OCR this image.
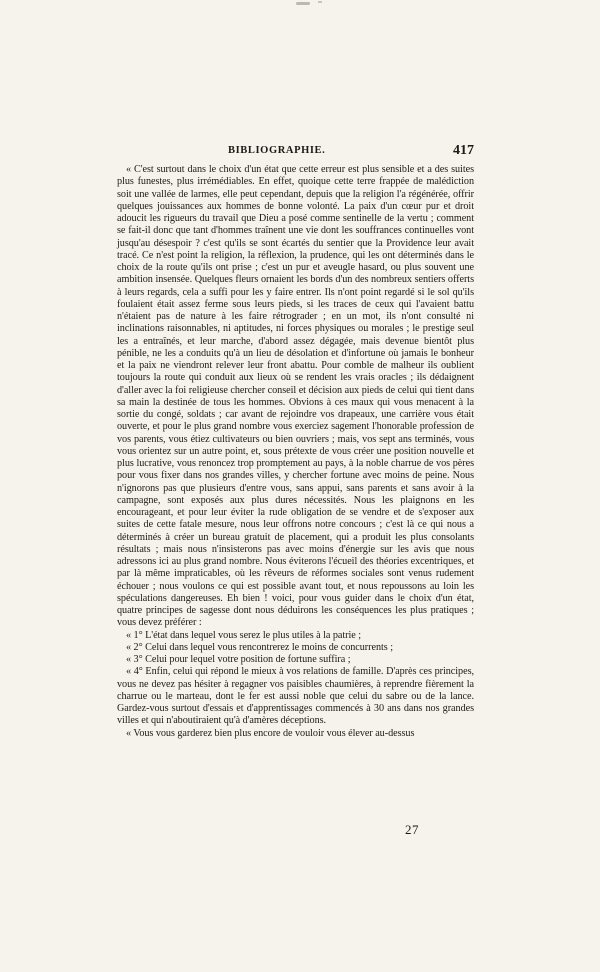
BIBLIOGRAPHIE.	417

« C'est surtout dans le choix d'un état que cette erreur est plus sensible et a des suites plus funestes, plus irrémédiables. En effet, quoique cette terre frappée de malédiction soit une vallée de larmes, elle peut cependant, depuis que la religion l'a régénérée, offrir quelques jouissances aux hommes de bonne volonté. La paix d'un cœur pur et droit adoucit les rigueurs du travail que Dieu a posé comme sentinelle de la vertu ; comment se fait-il donc que tant d'hommes traînent une vie dont les souffrances continuelles vont jusqu'au désespoir ? c'est qu'ils se sont écartés du sentier que la Providence leur avait tracé. Ce n'est point la religion, la réflexion, la prudence, qui les ont déterminés dans le choix de la route qu'ils ont prise ; c'est un pur et aveugle hasard, ou plus souvent une ambition insensée. Quelques fleurs ornaient les bords d'un des nombreux sentiers offerts à leurs regards, cela a suffi pour les y faire entrer. Ils n'ont point regardé si le sol qu'ils foulaient était assez ferme sous leurs pieds, si les traces de ceux qui l'avaient battu n'étaient pas de nature à les faire rétrograder ; en un mot, ils n'ont consulté ni inclinations raisonnables, ni aptitudes, ni forces physiques ou morales ; le prestige seul les a entraînés, et leur marche, d'abord assez dégagée, mais devenue bientôt plus pénible, ne les a conduits qu'à un lieu de désolation et d'infortune où jamais le bonheur et la paix ne viendront relever leur front abattu. Pour comble de malheur ils oublient toujours la route qui conduit aux lieux où se rendent les vrais oracles ; ils dédaignent d'aller avec la foi religieuse chercher conseil et décision aux pieds de celui qui tient dans sa main la destinée de tous les hommes. Obvions à ces maux qui vous menacent à la sortie du congé, soldats ; car avant de rejoindre vos drapeaux, une carrière vous était ouverte, et pour le plus grand nombre vous exerciez sagement l'honorable profession de vos parents, vous étiez cultivateurs ou bien ouvriers ; mais, vos sept ans terminés, vous vous orientez sur un autre point, et, sous prétexte de vous créer une position nouvelle et plus lucrative, vous renoncez trop promptement au pays, à la noble charrue de vos pères pour vous fixer dans nos grandes villes, y chercher fortune avec moins de peine. Nous n'ignorons pas que plusieurs d'entre vous, sans appui, sans parents et sans avoir à la campagne, sont exposés aux plus dures nécessités. Nous les plaignons en les encourageant, et pour leur éviter la rude obligation de se vendre et de s'exposer aux suites de cette fatale mesure, nous leur offrons notre concours ; c'est là ce qui nous a déterminés à créer un bureau gratuit de placement, qui a produit les plus consolants résultats ; mais nous n'insisterons pas avec moins d'énergie sur les avis que nous adressons ici au plus grand nombre. Nous éviterons l'écueil des théories excentriques, et par là même impraticables, où les rêveurs de réformes sociales sont venus rudement échouer ; nous voulons ce qui est possible avant tout, et nous repoussons au loin les spéculations dangereuses. Eh bien ! voici, pour vous guider dans le choix d'un état, quatre principes de sagesse dont nous déduirons les conséquences les plus pratiques ; vous devez préférer :

« 1° L'état dans lequel vous serez le plus utiles à la patrie ;

« 2° Celui dans lequel vous rencontrerez le moins de concurrents ;

« 3° Celui pour lequel votre position de fortune suffira ;

« 4° Enfin, celui qui répond le mieux à vos relations de famille. D'après ces principes, vous ne devez pas hésiter à regagner vos paisibles chaumières, à reprendre fièrement la charrue ou le marteau, dont le fer est aussi noble que celui du sabre ou de la lance. Gardez-vous surtout d'essais et d'apprentissages commencés à 30 ans dans nos grandes villes et qui n'aboutiraient qu'à d'amères déceptions.

« Vous vous garderez bien plus encore de vouloir vous élever au-dessus

27
